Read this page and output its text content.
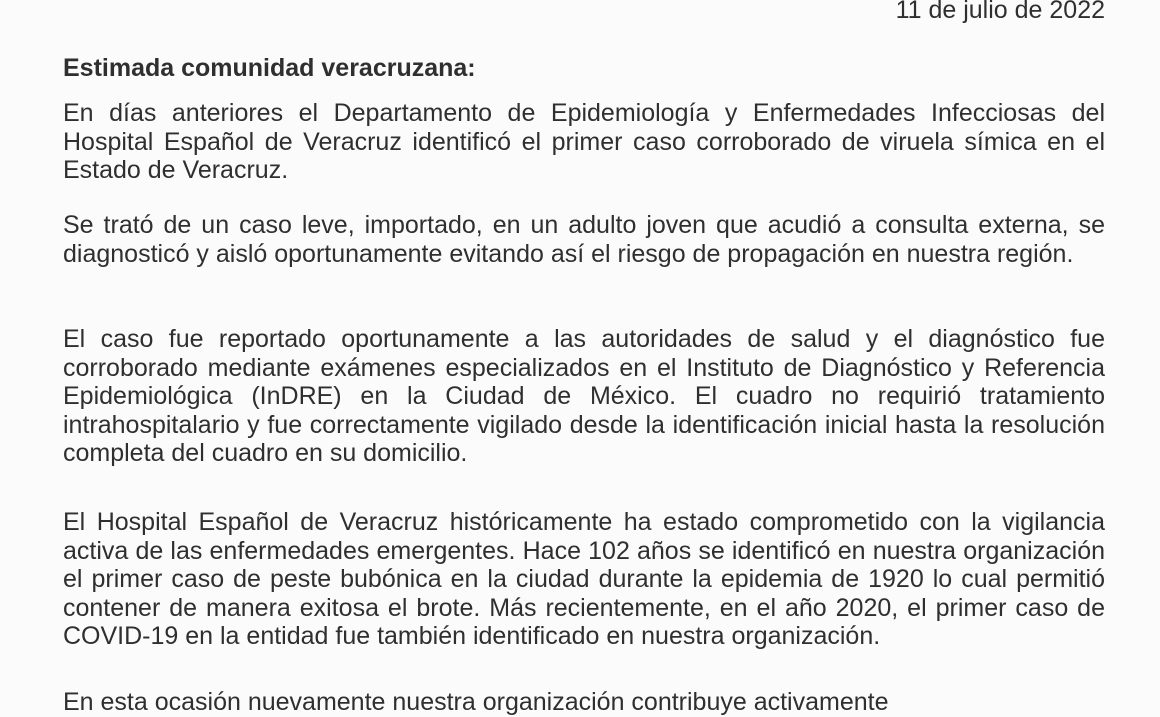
11 de julio de 2022
Estimada comunidad veracruzana:

En días anteriores el Departamento de Epidemiología y Enfermedades Infecciosas del Hospital Español de Veracruz identificó el primer caso corroborado de viruela símica en el Estado de Veracruz.

Se trató de un caso leve, importado, en un adulto joven que acudió a consulta externa, se diagnosticó y aisló oportunamente evitando así el riesgo de propagación en nuestra región.

El caso fue reportado oportunamente a las autoridades de salud y el diagnóstico fue corroborado mediante exámenes especializados en el Instituto de Diagnóstico y Referencia Epidemiológica (InDRE) en la Ciudad de México. El cuadro no requirió tratamiento intrahospitalario y fue correctamente vigilado desde la identificación inicial hasta la resolución completa del cuadro en su domicilio.

El Hospital Español de Veracruz históricamente ha estado comprometido con la vigilancia activa de las enfermedades emergentes. Hace 102 años se identificó en nuestra organización el primer caso de peste bubónica en la ciudad durante la epidemia de 1920 lo cual permitió contener de manera exitosa el brote. Más recientemente, en el año 2020, el primer caso de COVID-19 en la entidad fue también identificado en nuestra organización.

En esta ocasión nuevamente nuestra organización contribuye activamente
